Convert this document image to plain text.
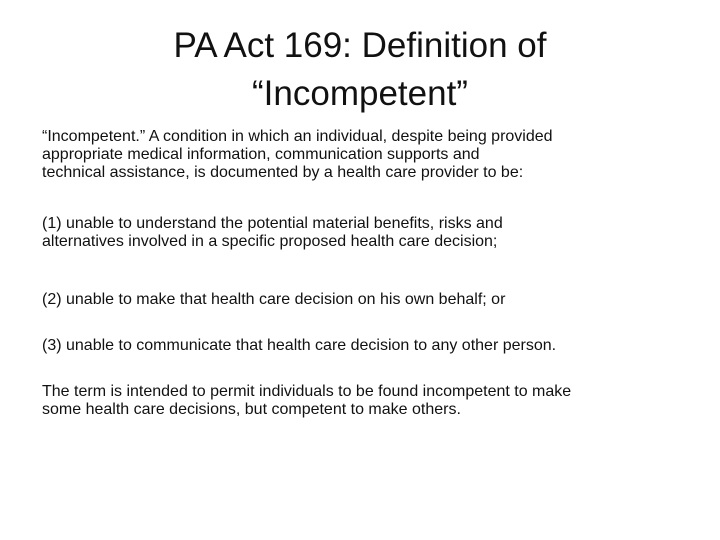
PA Act 169: Definition of
“Incompetent”

“Incompetent.” A condition in which an individual, despite being provided
appropriate medical information, communication supports and
technical assistance, is documented by a health care provider to be:

(1) unable to understand the potential material benefits, risks and
alternatives involved in a specific proposed health care decision;

(2) unable to make that health care decision on his own behalf; or

(3) unable to communicate that health care decision to any other person.

The term is intended to permit individuals to be found incompetent to make
some health care decisions, but competent to make others.
